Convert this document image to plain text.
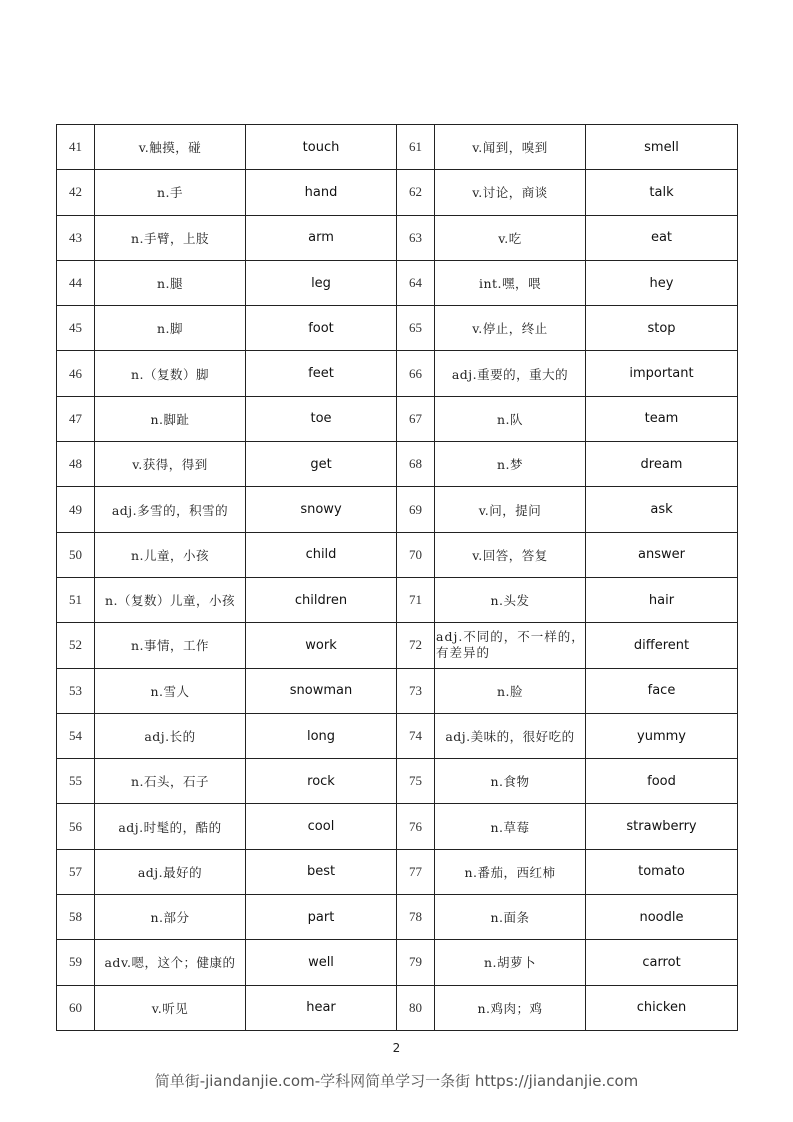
41	v.触摸，碰	touch	61	v.闻到，嗅到	smell
42	n.手	hand	62	v.讨论，商谈	talk
43	n.手臂，上肢	arm	63	v.吃	eat
44	n.腿	leg	64	int.嘿，喂	hey
45	n.脚	foot	65	v.停止，终止	stop
46	n.（复数）脚	feet	66	adj.重要的，重大的	important
47	n.脚趾	toe	67	n.队	team
48	v.获得，得到	get	68	n.梦	dream
49	adj.多雪的，积雪的	snowy	69	v.问，提问	ask
50	n.儿童，小孩	child	70	v.回答，答复	answer
51	n.（复数）儿童，小孩	children	71	n.头发	hair
52	n.事情，工作	work	72	adj.不同的，不一样的，有差异的	different
53	n.雪人	snowman	73	n.脸	face
54	adj.长的	long	74	adj.美味的，很好吃的	yummy
55	n.石头，石子	rock	75	n.食物	food
56	adj.时髦的，酷的	cool	76	n.草莓	strawberry
57	adj.最好的	best	77	n.番茄，西红柿	tomato
58	n.部分	part	78	n.面条	noodle
59	adv.嗯，这个；健康的	well	79	n.胡萝卜	carrot
60	v.听见	hear	80	n.鸡肉；鸡	chicken
2
简单街-jiandanjie.com-学科网简单学习一条街 https://jiandanjie.com
